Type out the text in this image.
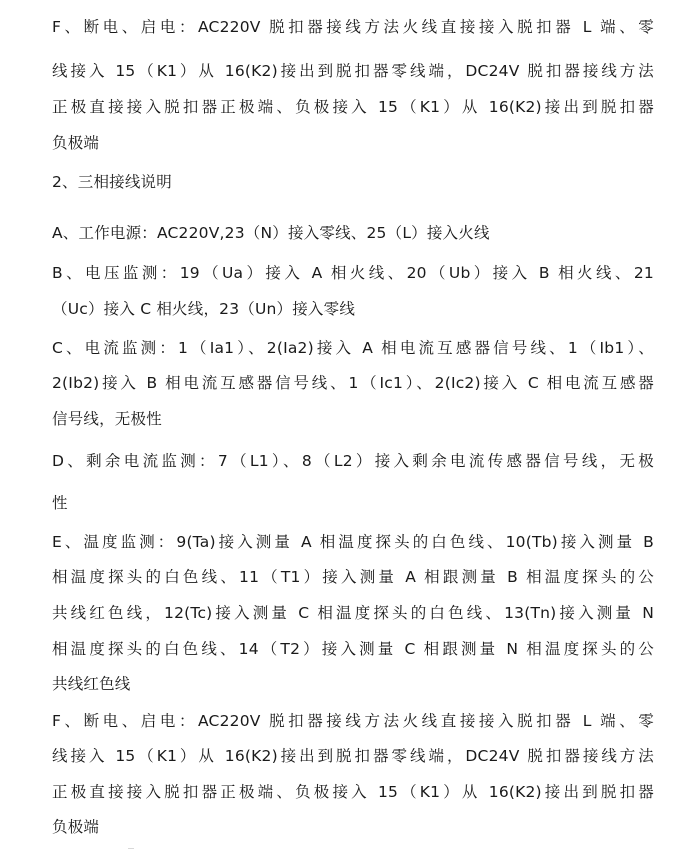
F、断电、启电：AC220V 脱扣器接线方法火线直接接入脱扣器 L 端、零
线接入 15（K1）从 16(K2)接出到脱扣器零线端，DC24V 脱扣器接线方法
正极直接接入脱扣器正极端、负极接入 15（K1）从 16(K2)接出到脱扣器
负极端
2、三相接线说明
A、工作电源：AC220V,23（N）接入零线、25（L）接入火线
B、电压监测：19（Ua）接入 A 相火线、20（Ub）接入 B 相火线、21
（Uc）接入 C 相火线，23（Un）接入零线
C、电流监测：1（Ia1）、2(Ia2)接入 A 相电流互感器信号线、1（Ib1）、
2(Ib2)接入 B 相电流互感器信号线、1（Ic1）、2(Ic2)接入 C 相电流互感器
信号线，无极性
D、剩余电流监测：7（L1）、8（L2）接入剩余电流传感器信号线，无极
性
E、温度监测：9(Ta)接入测量 A 相温度探头的白色线、10(Tb)接入测量 B
相温度探头的白色线、11（T1）接入测量 A 相跟测量 B 相温度探头的公
共线红色线，12(Tc)接入测量 C 相温度探头的白色线、13(Tn)接入测量 N
相温度探头的白色线、14（T2）接入测量 C 相跟测量 N 相温度探头的公
共线红色线
F、断电、启电：AC220V 脱扣器接线方法火线直接接入脱扣器 L 端、零
线接入 15（K1）从 16(K2)接出到脱扣器零线端，DC24V 脱扣器接线方法
正极直接接入脱扣器正极端、负极接入 15（K1）从 16(K2)接出到脱扣器
负极端
